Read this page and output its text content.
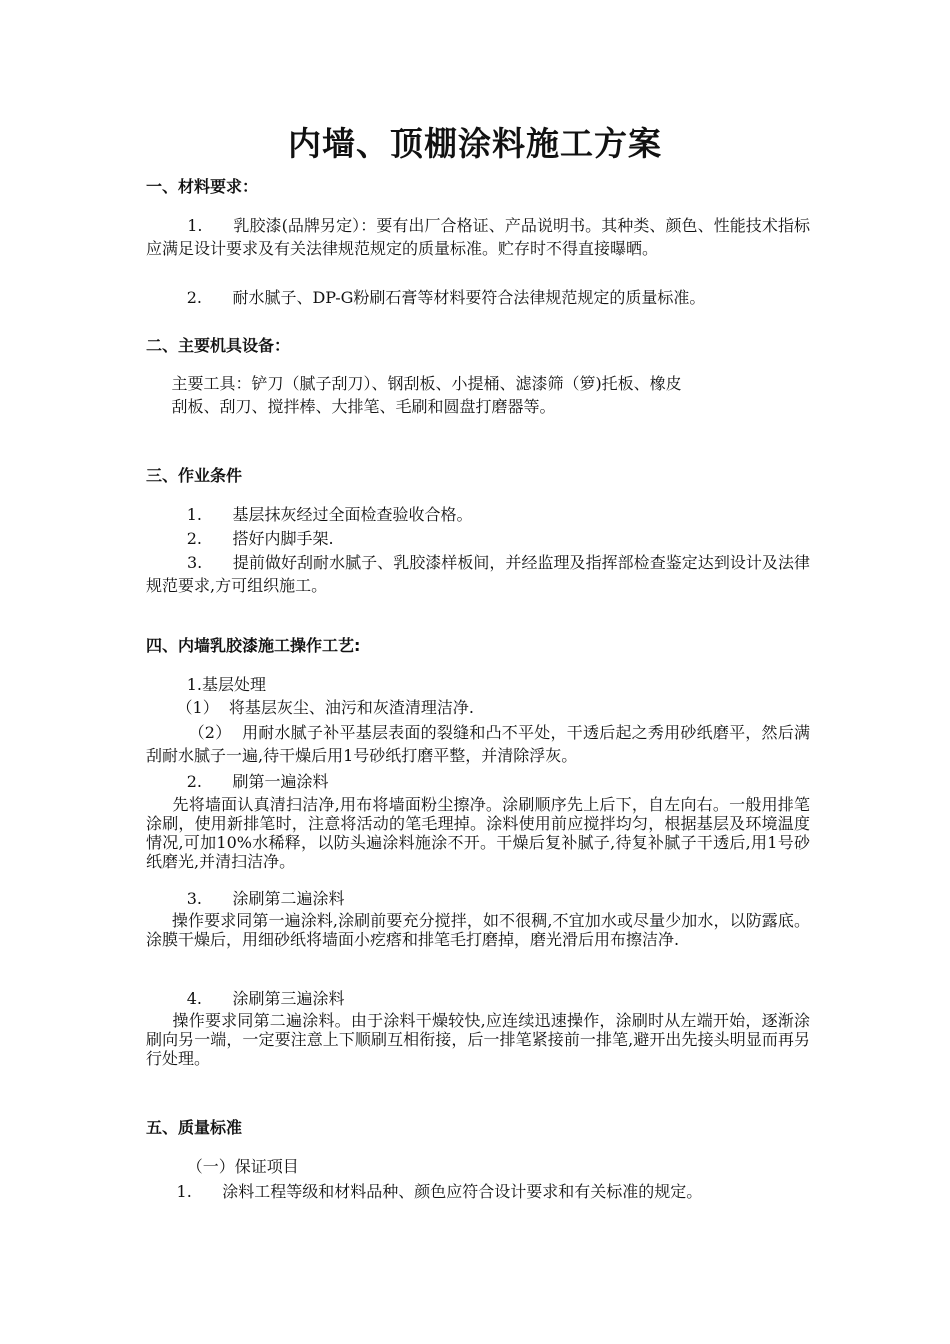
内墙、顶棚涂料施工方案
一、材料要求：
1.      乳胶漆(品牌另定）：要有出厂合格证、产品说明书。其种类、颜色、性能技术指标应满足设计要求及有关法律规范规定的质量标准。贮存时不得直接曝晒。
2.      耐水腻子、DP-G粉刷石膏等材料要符合法律规范规定的质量标准。
二、主要机具设备：
主要工具：铲刀（腻子刮刀）、钢刮板、小提桶、滤漆筛（箩)托板、橡皮
刮板、刮刀、搅拌棒、大排笔、毛刷和圆盘打磨器等。
三、作业条件
1.      基层抹灰经过全面检查验收合格。
2.      搭好内脚手架.
3.      提前做好刮耐水腻子、乳胶漆样板间，并经监理及指挥部检查鉴定达到设计及法律规范要求,方可组织施工。
四、内墙乳胶漆施工操作工艺:
1.基层处理
（1）  将基层灰尘、油污和灰渣清理洁净.
（2）  用耐水腻子补平基层表面的裂缝和凸不平处，干透后起之秀用砂纸磨平，然后满刮耐水腻子一遍,待干燥后用1号砂纸打磨平整，并清除浮灰。
2.      刷第一遍涂料
先将墙面认真清扫洁净,用布将墙面粉尘擦净。涂刷顺序先上后下，自左向右。一般用排笔涂刷，使用新排笔时，注意将活动的笔毛理掉。涂料使用前应搅拌均匀，根据基层及环境温度情况,可加10%水稀释，以防头遍涂料施涂不开。干燥后复补腻子,待复补腻子干透后,用1号砂纸磨光,并清扫洁净。
3.      涂刷第二遍涂料
操作要求同第一遍涂料,涂刷前要充分搅拌，如不很稠,不宜加水或尽量少加水，以防露底。涂膜干燥后，用细砂纸将墙面小疙瘩和排笔毛打磨掉，磨光滑后用布擦洁净.
4.      涂刷第三遍涂料
操作要求同第二遍涂料。由于涂料干燥较快,应连续迅速操作，涂刷时从左端开始，逐渐涂刷向另一端，一定要注意上下顺刷互相衔接，后一排笔紧接前一排笔,避开出先接头明显而再另行处理。
五、质量标准
（一）保证项目
1.      涂料工程等级和材料品种、颜色应符合设计要求和有关标准的规定。
